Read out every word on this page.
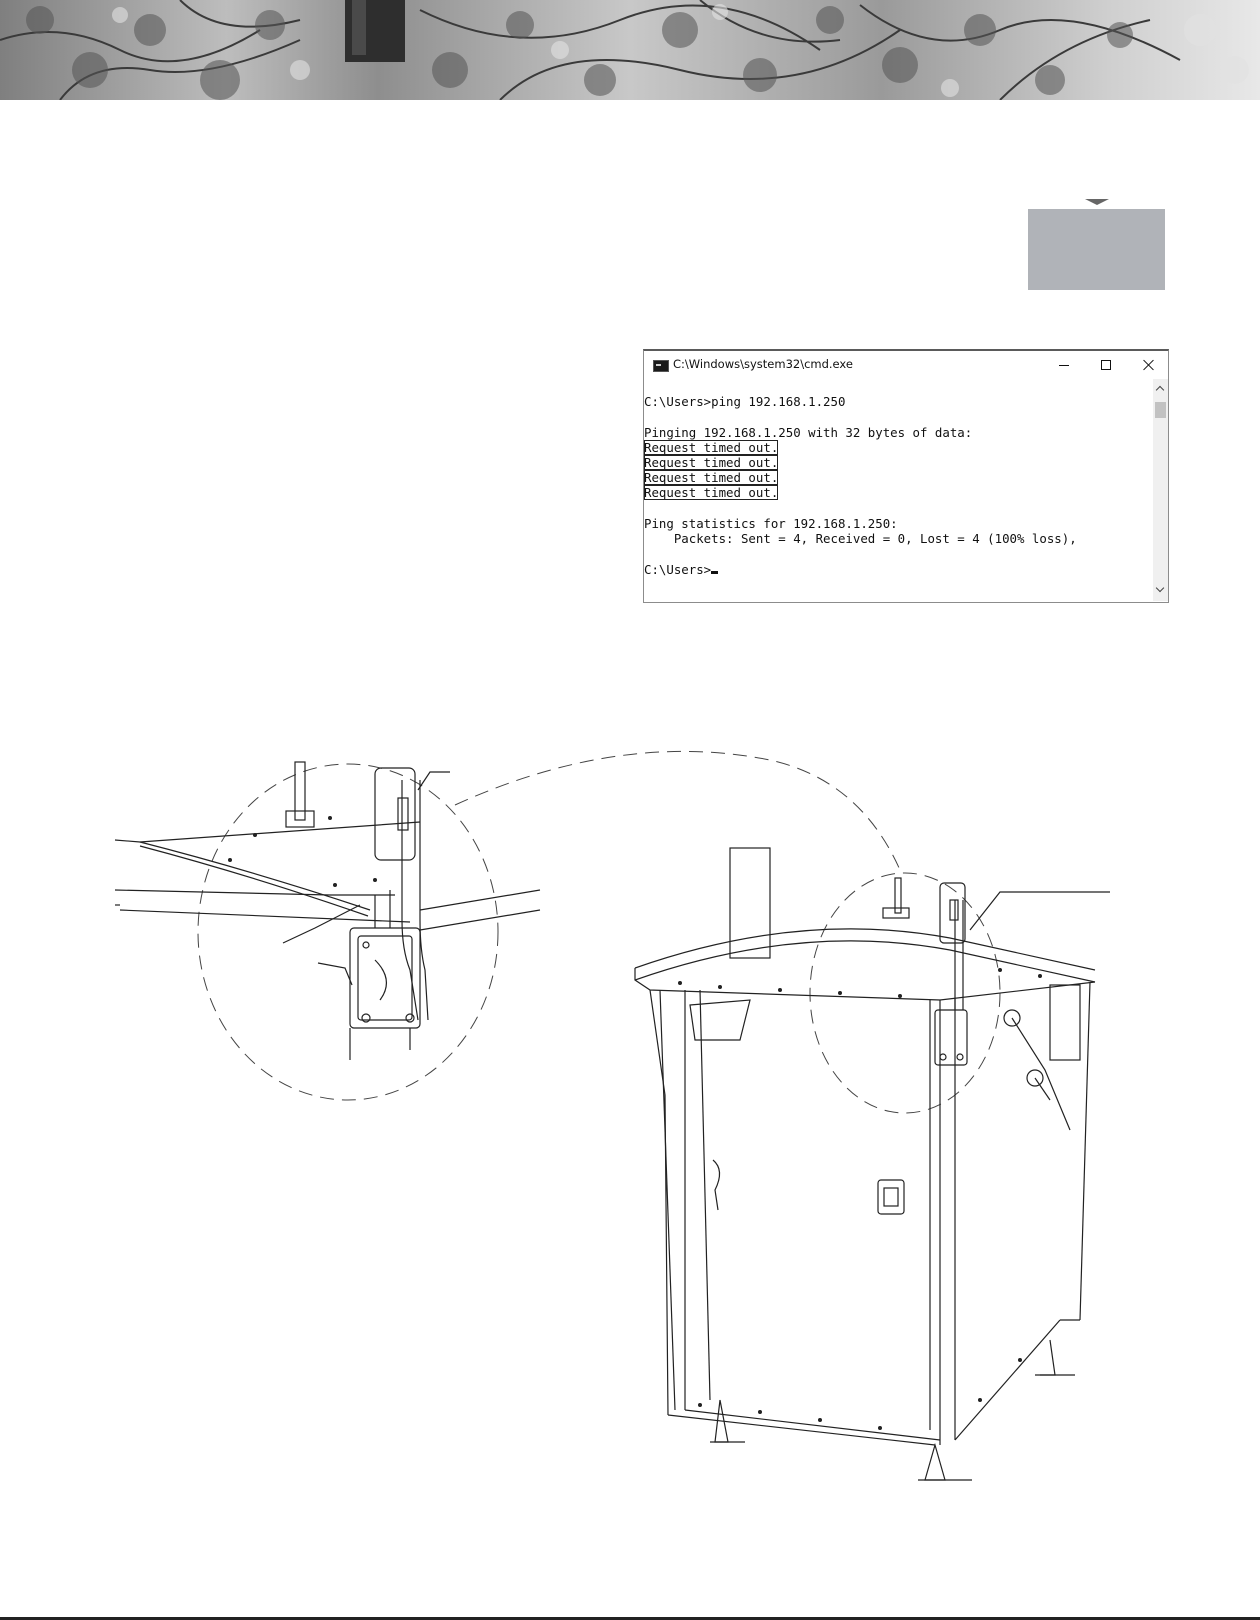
C:\Windows\system32\cmd.exe
C:\Users>ping 192.168.1.250
Pinging 192.168.1.250 with 32 bytes of data:
Request timed out.
Request timed out.
Request timed out.
Request timed out.
Ping statistics for 192.168.1.250:
Packets: Sent = 4, Received = 0, Lost = 4 (100% loss),
C:\Users>
